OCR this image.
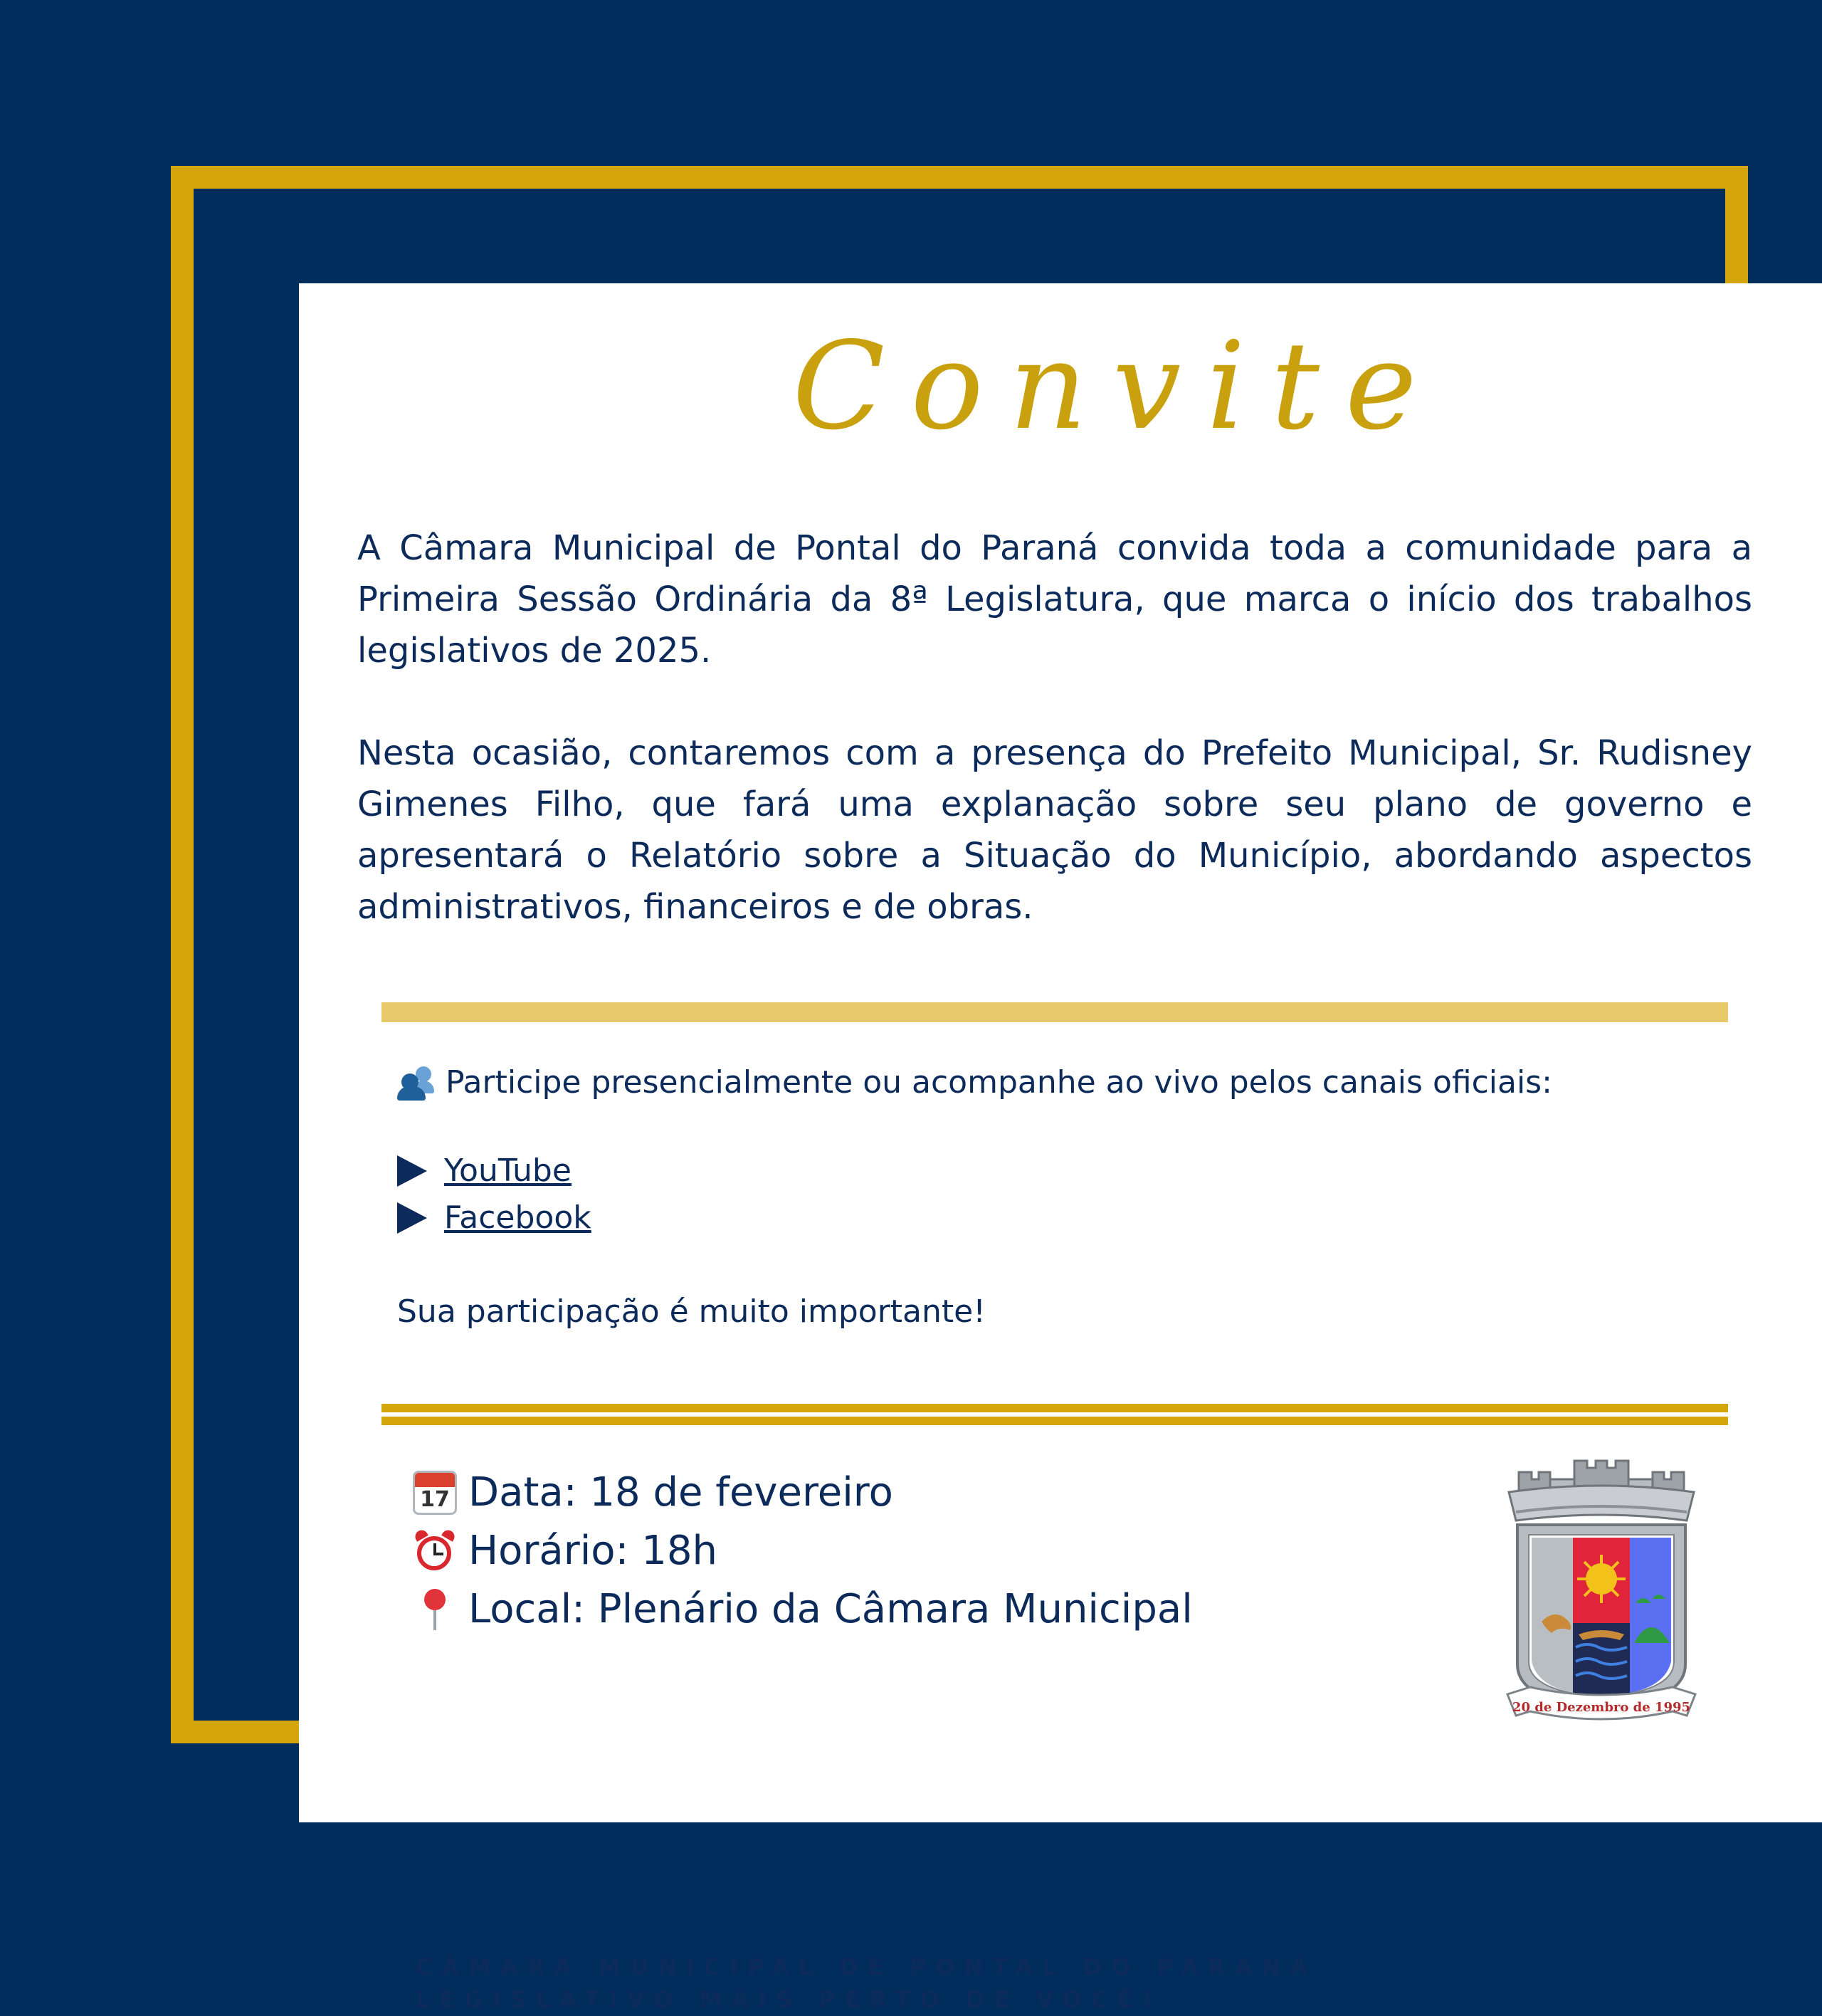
Convite

A Câmara Municipal de Pontal do Paraná convida toda a comunidade para a Primeira Sessão Ordinária da 8ª Legislatura, que marca o início dos trabalhos legislativos de 2025.

Nesta ocasião, contaremos com a presença do Prefeito Municipal, Sr. Rudisney Gimenes Filho, que fará uma explanação sobre seu plano de governo e apresentará o Relatório sobre a Situação do Município, abordando aspectos administrativos, financeiros e de obras.

Participe presencialmente ou acompanhe ao vivo pelos canais oficiais:
YouTube
Facebook
Sua participação é muito importante!
17 Data: 18 de fevereiro
Horário: 18h
Local: Plenário da Câmara Municipal
CÂMARA MUNICIPAL DE PONTAL DO PARANÁ
LEGISLATIVO MAIS PERTO DE VOCÊ!
20 de Dezembro de 1995
